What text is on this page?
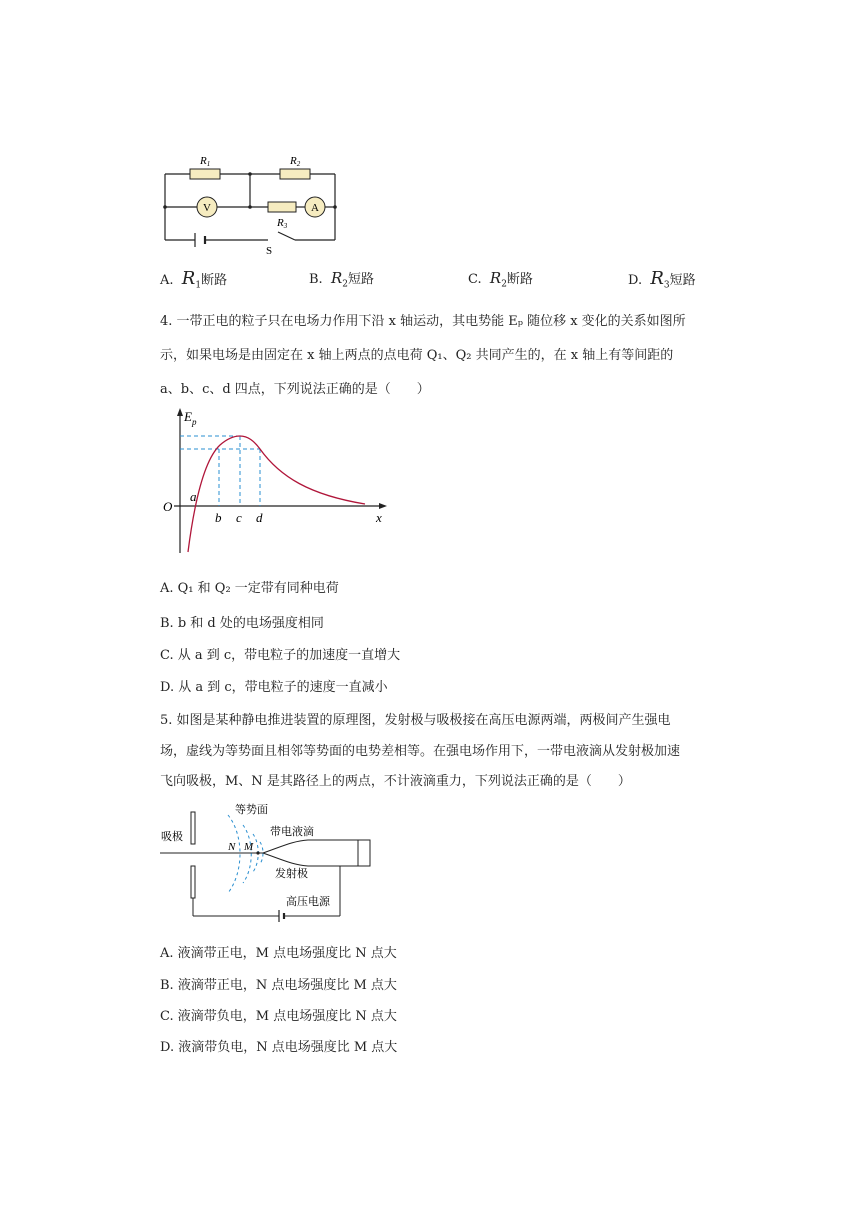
R1	R2
R3
V	A
S
A. $R_1$断路	B. $R_2$短路	C. $R_2$断路	D. $R_3$短路
4. 一带正电的粒子只在电场力作用下沿 x 轴运动，其电势能 Eₚ 随位移 x 变化的关系如图所
示，如果电场是由固定在 x 轴上两点的点电荷 Q₁、Q₂ 共同产生的，在 x 轴上有等间距的
a、b、c、d 四点，下列说法正确的是（　　）
$E_p$
O
x
a
b c d
A. Q₁ 和 Q₂ 一定带有同种电荷
B. b 和 d 处的电场强度相同
C. 从 a 到 c，带电粒子的加速度一直增大
D. 从 a 到 c，带电粒子的速度一直减小
5. 如图是某种静电推进装置的原理图，发射极与吸极接在高压电源两端，两极间产生强电
场，虚线为等势面且相邻等势面的电势差相等。在强电场作用下，一带电液滴从发射极加速
飞向吸极，M、N 是其路径上的两点，不计液滴重力，下列说法正确的是（　　）
吸极
等势面
带电液滴
发射极
高压电源
N M
A. 液滴带正电，M 点电场强度比 N 点大
B. 液滴带正电，N 点电场强度比 M 点大
C. 液滴带负电，M 点电场强度比 N 点大
D. 液滴带负电，N 点电场强度比 M 点大
